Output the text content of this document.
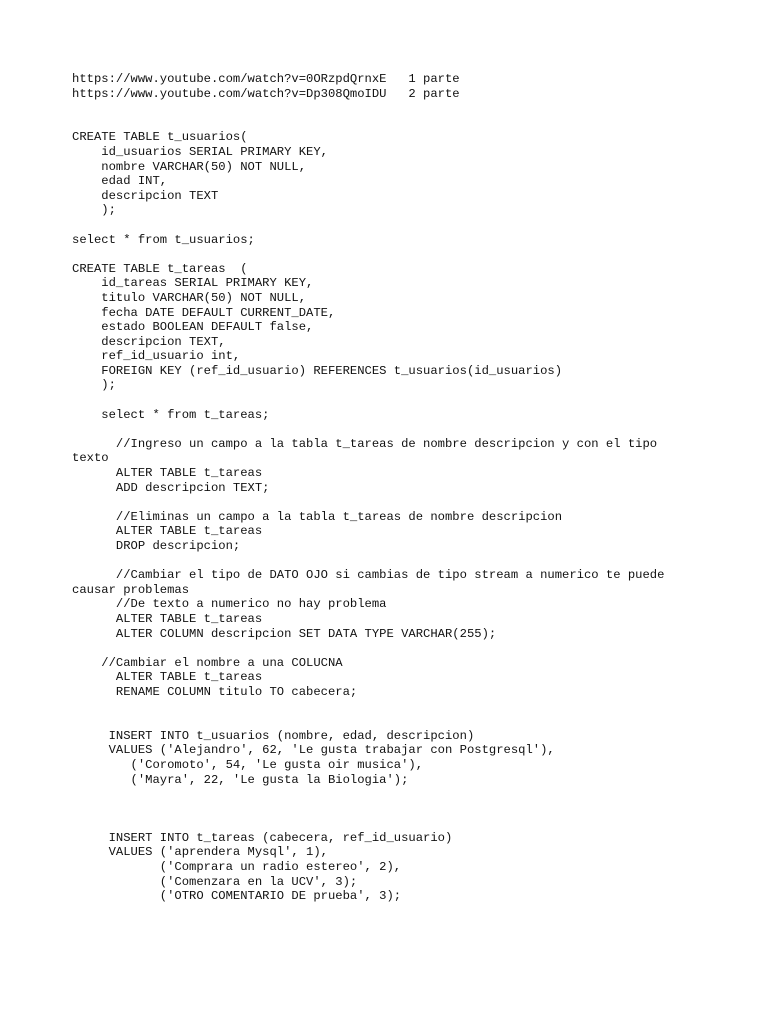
https://www.youtube.com/watch?v=0ORzpdQrnxE   1 parte
https://www.youtube.com/watch?v=Dp308QmoIDU   2 parte
CREATE TABLE t_usuarios(
id_usuarios SERIAL PRIMARY KEY,
nombre VARCHAR(50) NOT NULL,
edad INT,
descripcion TEXT
);
select * from t_usuarios;
CREATE TABLE t_tareas  (
id_tareas SERIAL PRIMARY KEY,
titulo VARCHAR(50) NOT NULL,
fecha DATE DEFAULT CURRENT_DATE,
estado BOOLEAN DEFAULT false,
descripcion TEXT,
ref_id_usuario int,
FOREIGN KEY (ref_id_usuario) REFERENCES t_usuarios(id_usuarios)
);
select * from t_tareas;
//Ingreso un campo a la tabla t_tareas de nombre descripcion y con el tipo
texto
ALTER TABLE t_tareas
ADD descripcion TEXT;
//Eliminas un campo a la tabla t_tareas de nombre descripcion
ALTER TABLE t_tareas
DROP descripcion;
//Cambiar el tipo de DATO OJO si cambias de tipo stream a numerico te puede
causar problemas
//De texto a numerico no hay problema
ALTER TABLE t_tareas
ALTER COLUMN descripcion SET DATA TYPE VARCHAR(255);
//Cambiar el nombre a una COLUCNA
ALTER TABLE t_tareas
RENAME COLUMN titulo TO cabecera;
INSERT INTO t_usuarios (nombre, edad, descripcion)
VALUES ('Alejandro', 62, 'Le gusta trabajar con Postgresql'),
('Coromoto', 54, 'Le gusta oir musica'),
('Mayra', 22, 'Le gusta la Biologia');
INSERT INTO t_tareas (cabecera, ref_id_usuario)
VALUES ('aprendera Mysql', 1),
('Comprara un radio estereo', 2),
('Comenzara en la UCV', 3);
('OTRO COMENTARIO DE prueba', 3);
